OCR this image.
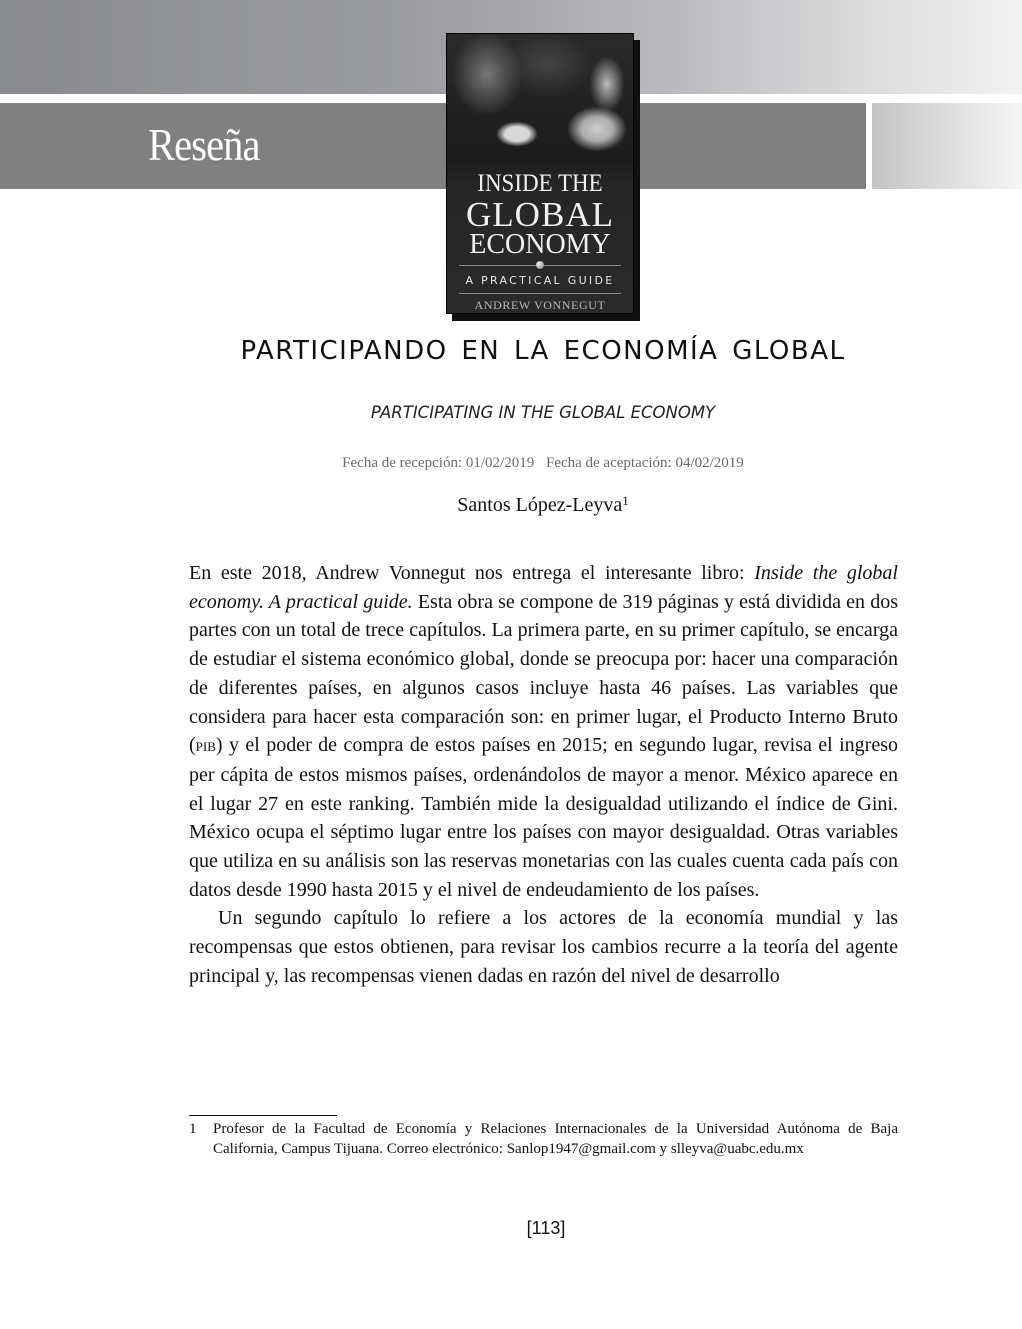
Reseña
INSIDE THE
GLOBAL
ECONOMY
A PRACTICAL GUIDE
ANDREW VONNEGUT
PARTICIPANDO EN LA ECONOMÍA GLOBAL
PARTICIPATING IN THE GLOBAL ECONOMY
Fecha de recepción: 01/02/2019 Fecha de aceptación: 04/02/2019
Santos López-Leyva$^1$

En este 2018, Andrew Vonnegut nos entrega el interesante libro: Inside the global economy. A practical guide. Esta obra se compone de 319 páginas y está dividida en dos partes con un total de trece capítulos. La primera parte, en su primer capítulo, se encarga de estudiar el sistema económico global, donde se preocupa por: hacer una comparación de diferentes países, en algunos casos incluye hasta 46 países. Las variables que considera para hacer esta comparación son: en primer lugar, el Producto Interno Bruto (pib) y el poder de compra de estos países en 2015; en segundo lugar, revisa el ingreso per cápita de estos mismos países, ordenándolos de mayor a menor. México aparece en el lugar 27 en este ranking. También mide la desigualdad utilizando el índice de Gini. México ocupa el séptimo lugar entre los países con mayor desigualdad. Otras variables que utiliza en su análisis son las reservas monetarias con las cuales cuenta cada país con datos desde 1990 hasta 2015 y el nivel de endeudamiento de los países.

Un segundo capítulo lo refiere a los actores de la economía mundial y las recompensas que estos obtienen, para revisar los cambios recurre a la teoría del agente principal y, las recompensas vienen dadas en razón del nivel de desarrollo

1 Profesor de la Facultad de Economía y Relaciones Internacionales de la Universidad Autónoma de Baja California, Campus Tijuana. Correo electrónico: Sanlop1947@gmail.com y slleyva@uabc.edu.mx
[113]
